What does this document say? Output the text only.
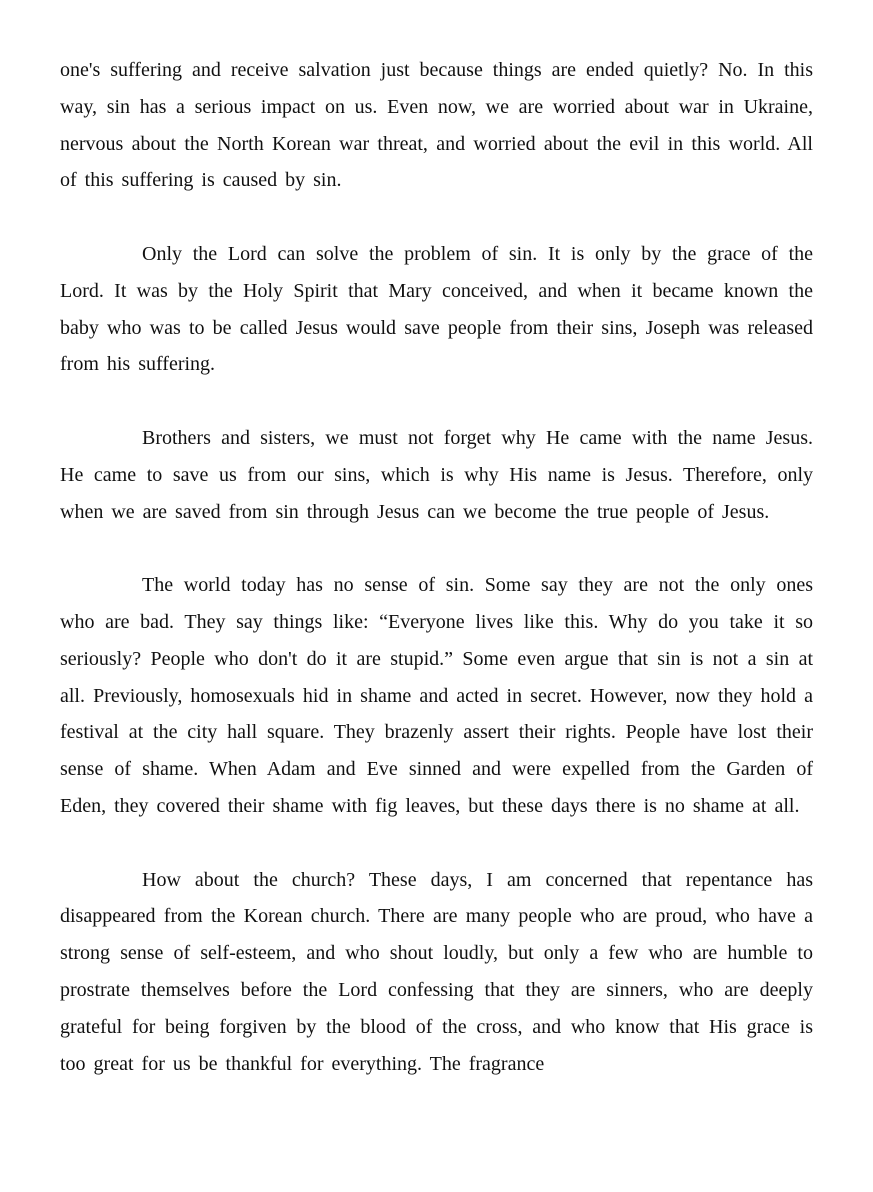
one's suffering and receive salvation just because things are ended quietly? No. In this way, sin has a serious impact on us. Even now, we are worried about war in Ukraine, nervous about the North Korean war threat, and worried about the evil in this world. All of this suffering is caused by sin.

Only the Lord can solve the problem of sin. It is only by the grace of the Lord. It was by the Holy Spirit that Mary conceived, and when it became known the baby who was to be called Jesus would save people from their sins, Joseph was released from his suffering.

Brothers and sisters, we must not forget why He came with the name Jesus. He came to save us from our sins, which is why His name is Jesus. Therefore, only when we are saved from sin through Jesus can we become the true people of Jesus.

The world today has no sense of sin. Some say they are not the only ones who are bad. They say things like: “Everyone lives like this. Why do you take it so seriously? People who don't do it are stupid.” Some even argue that sin is not a sin at all. Previously, homosexuals hid in shame and acted in secret. However, now they hold a festival at the city hall square. They brazenly assert their rights. People have lost their sense of shame. When Adam and Eve sinned and were expelled from the Garden of Eden, they covered their shame with fig leaves, but these days there is no shame at all.

How about the church? These days, I am concerned that repentance has disappeared from the Korean church. There are many people who are proud, who have a strong sense of self-esteem, and who shout loudly, but only a few who are humble to prostrate themselves before the Lord confessing that they are sinners, who are deeply grateful for being forgiven by the blood of the cross, and who know that His grace is too great for us be thankful for everything. The fragrance
